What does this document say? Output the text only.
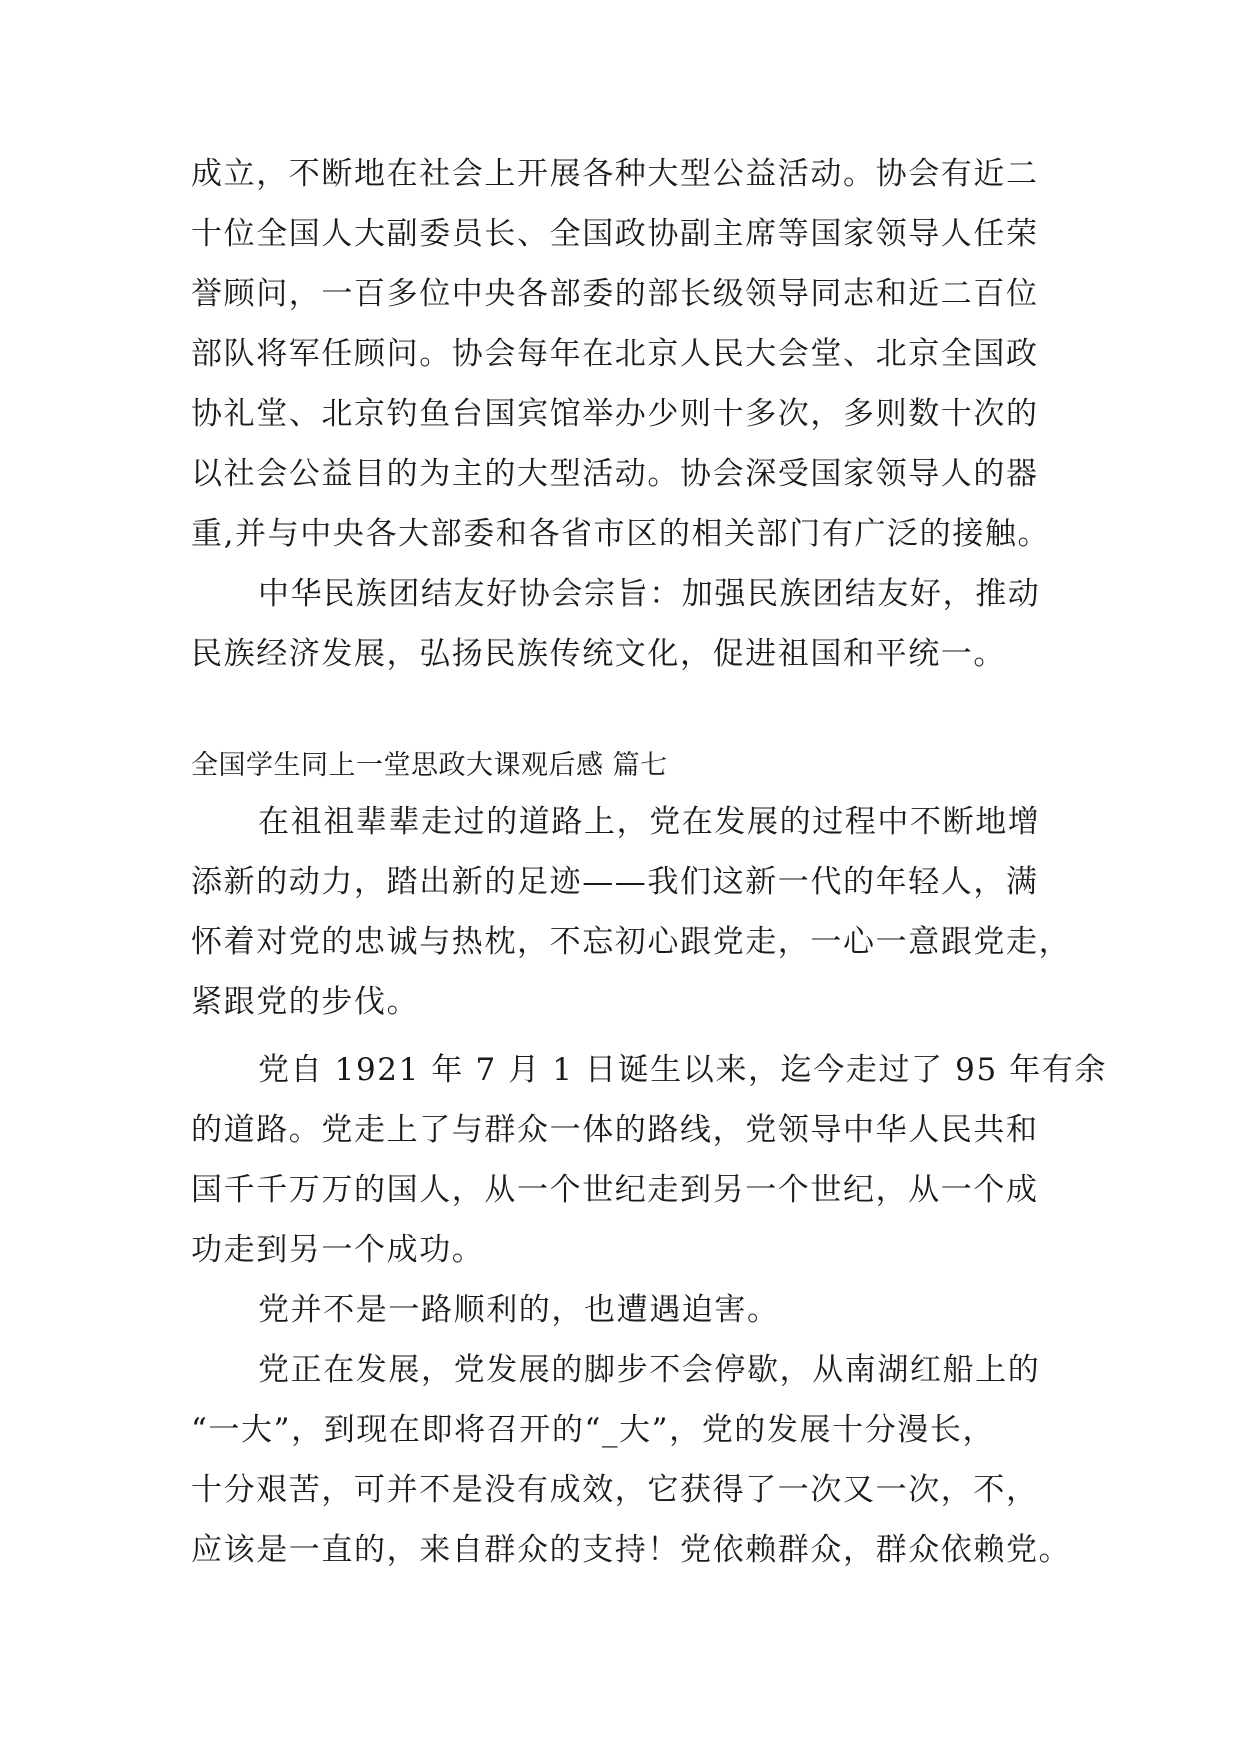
成立，不断地在社会上开展各种大型公益活动。协会有近二
十位全国人大副委员长、全国政协副主席等国家领导人任荣
誉顾问，一百多位中央各部委的部长级领导同志和近二百位
部队将军任顾问。协会每年在北京人民大会堂、北京全国政
协礼堂、北京钓鱼台国宾馆举办少则十多次，多则数十次的
以社会公益目的为主的大型活动。协会深受国家领导人的器
重,并与中央各大部委和各省市区的相关部门有广泛的接触。
中华民族团结友好协会宗旨：加强民族团结友好，推动
民族经济发展，弘扬民族传统文化，促进祖国和平统一。
全国学生同上一堂思政大课观后感 篇七
在祖祖辈辈走过的道路上，党在发展的过程中不断地增
添新的动力，踏出新的足迹——我们这新一代的年轻人，满
怀着对党的忠诚与热枕，不忘初心跟党走，一心一意跟党走，
紧跟党的步伐。
党自 1921 年 7 月 1 日诞生以来，迄今走过了 95 年有余
的道路。党走上了与群众一体的路线，党领导中华人民共和
国千千万万的国人，从一个世纪走到另一个世纪，从一个成
功走到另一个成功。
党并不是一路顺利的，也遭遇迫害。
党正在发展，党发展的脚步不会停歇，从南湖红船上的
“一大”，到现在即将召开的“_大”，党的发展十分漫长，
十分艰苦，可并不是没有成效，它获得了一次又一次，不，
应该是一直的，来自群众的支持！党依赖群众，群众依赖党。
